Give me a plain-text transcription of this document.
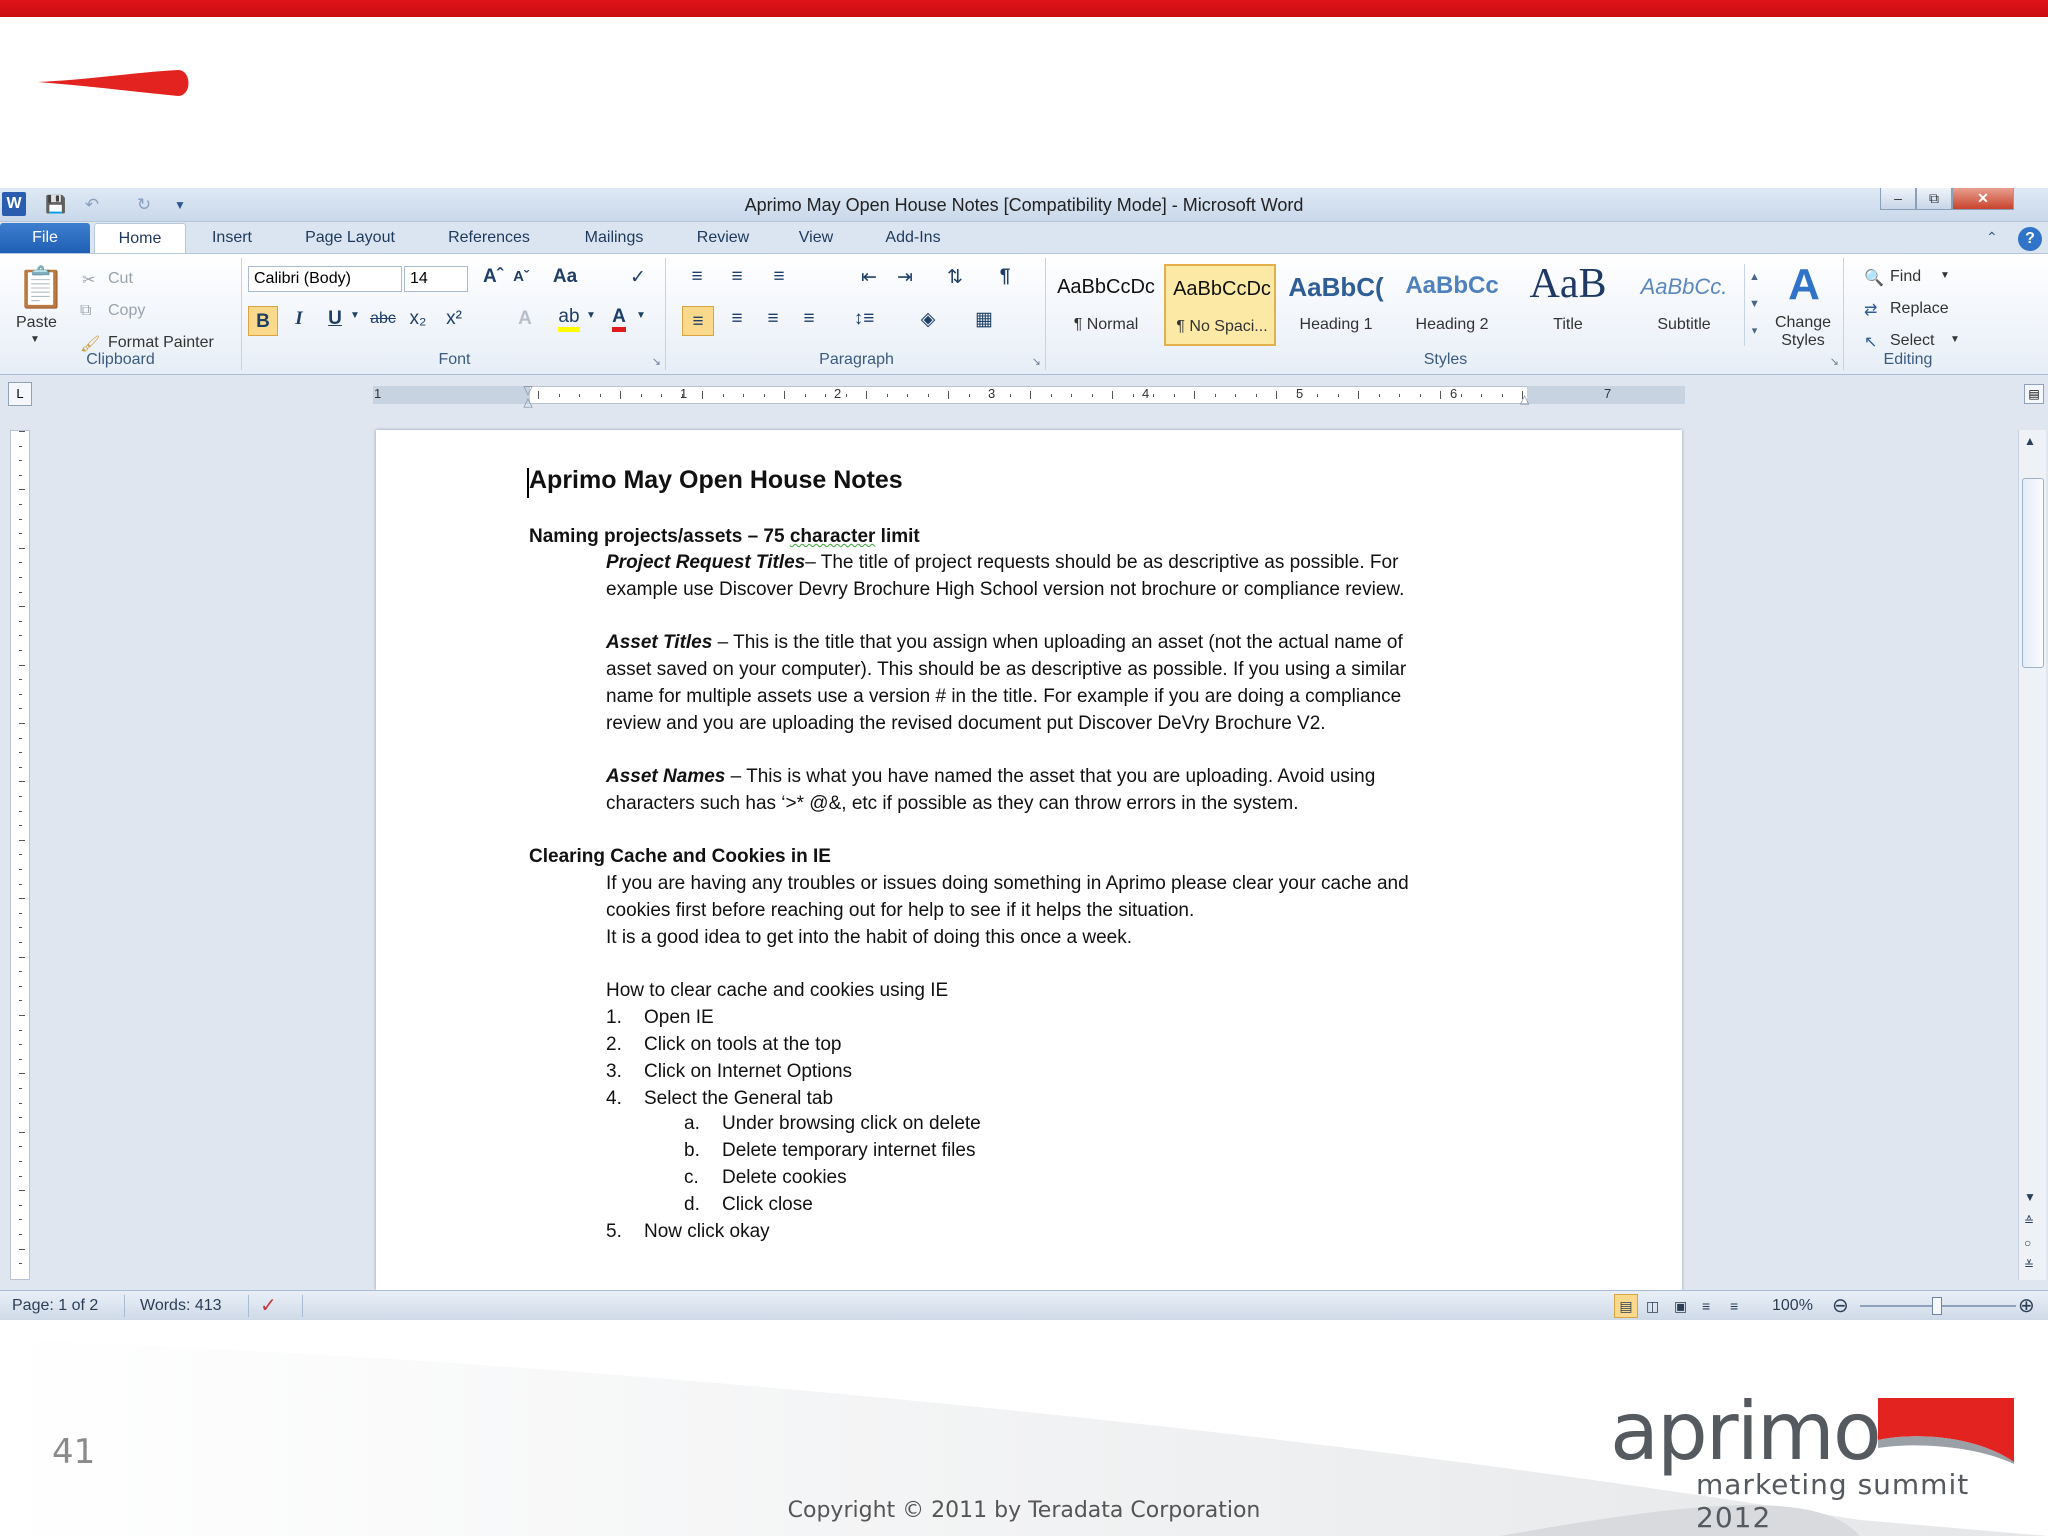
Aprimo May Open House Notes [Compatibility Mode] - Microsoft Word
W 💾 ↶ ↻	▼	–	⧉	✕
File	Home	Insert	Page Layout	References	Mailings	Review	View	Add-Ins	⌃	?
📋
Paste
▼
✂ Cut
⧉ Copy
🖌 Format Painter
Clipboard
Calibri (Body)	14	Aˆ Aˇ	Aa	✓
B	I	U ▼ abc x₂	x²	A	ab ▼ A	▼
Font	↘
≡	≡	≡	⇤	⇥	⇅	¶
≡	≡	≡	≡	↕≡	◈	▦
Paragraph	↘
AaBbCcDc
¶ Normal
AaBbCcDc
¶ No Spaci...
AaBbC(
Heading 1
AaBbCc
Heading 2
AaB
Title
AaBbCc.
Subtitle
▲
▼
▾
A
Change Styles
Styles	↘
🔍 Find ▼
⇄ Replace
↖ Select ▼
Editing
L	1	1	2	3	4	5	6	7
▽
△	△	▤
Aprimo May Open House Notes
Naming projects/assets – 75 character limit
Project Request Titles– The title of project requests should be as descriptive as possible. For
example use Discover Devry Brochure High School version not brochure or compliance review.
Asset Titles – This is the title that you assign when uploading an asset (not the actual name of
asset saved on your computer). This should be as descriptive as possible. If you using a similar
name for multiple assets use a version # in the title. For example if you are doing a compliance
review and you are uploading the revised document put Discover DeVry Brochure V2.
Asset Names – This is what you have named the asset that you are uploading. Avoid using
characters such has ‘>* @&, etc if possible as they can throw errors in the system.
Clearing Cache and Cookies in IE
If you are having any troubles or issues doing something in Aprimo please clear your cache and
cookies first before reaching out for help to see if it helps the situation.
It is a good idea to get into the habit of doing this once a week.
How to clear cache and cookies using IE
1. Open IE
2. Click on tools at the top
3. Click on Internet Options
4. Select the General tab
a. Under browsing click on delete
b. Delete temporary internet files
c. Delete cookies
d. Click close
5. Now click okay
▲
▼
≙
○
≚
Page: 1 of 2	Words: 413 ✓	▤ ◫ ▣ ≡ ≡ 100% ⊖	⊕
41
Copyright © 2011 by Teradata Corporation
aprimo
marketing summit 2012
